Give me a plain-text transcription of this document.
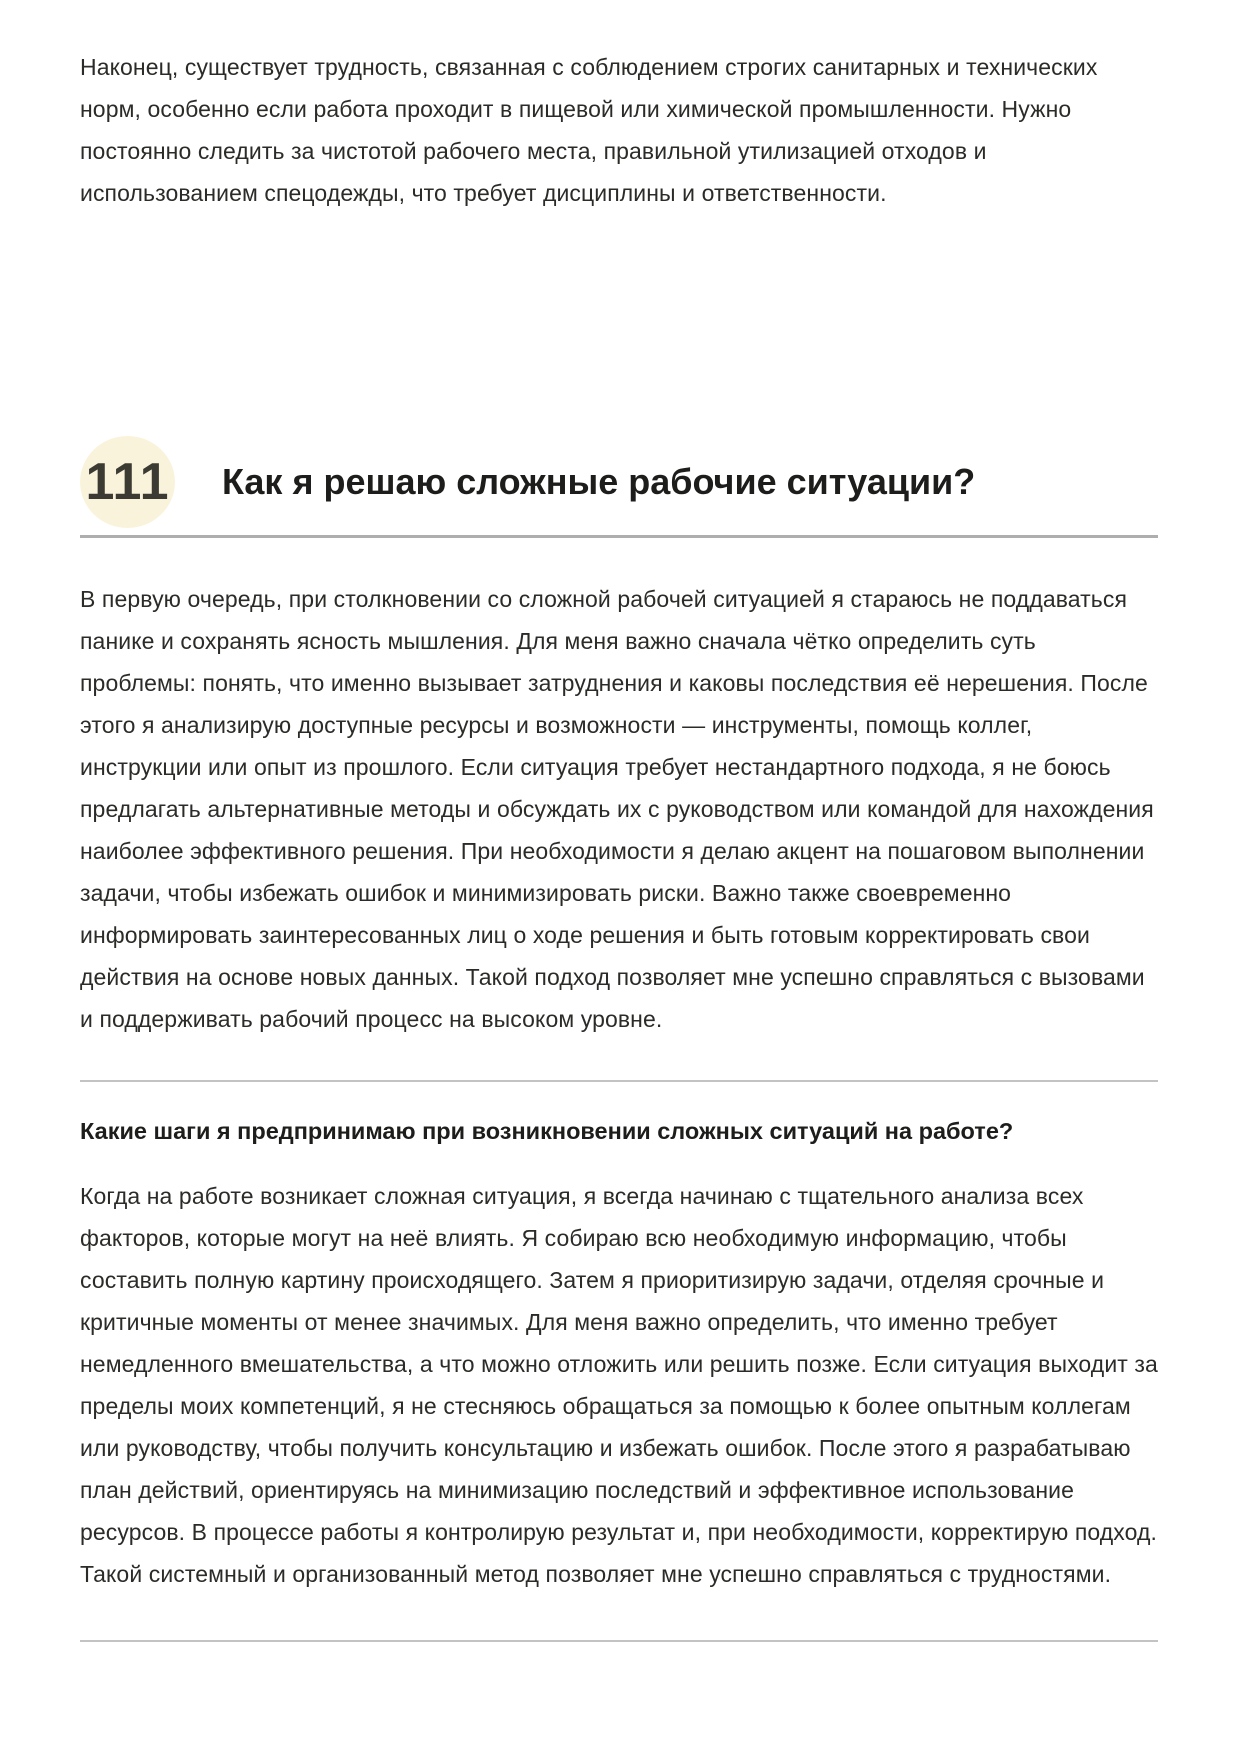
Наконец, существует трудность, связанная с соблюдением строгих санитарных и технических норм, особенно если работа проходит в пищевой или химической промышленности. Нужно постоянно следить за чистотой рабочего места, правильной утилизацией отходов и использованием спецодежды, что требует дисциплины и ответственности.

111 Как я решаю сложные рабочие ситуации?

В первую очередь, при столкновении со сложной рабочей ситуацией я стараюсь не поддаваться панике и сохранять ясность мышления. Для меня важно сначала чётко определить суть проблемы: понять, что именно вызывает затруднения и каковы последствия её нерешения. После этого я анализирую доступные ресурсы и возможности — инструменты, помощь коллег, инструкции или опыт из прошлого. Если ситуация требует нестандартного подхода, я не боюсь предлагать альтернативные методы и обсуждать их с руководством или командой для нахождения наиболее эффективного решения. При необходимости я делаю акцент на пошаговом выполнении задачи, чтобы избежать ошибок и минимизировать риски. Важно также своевременно информировать заинтересованных лиц о ходе решения и быть готовым корректировать свои действия на основе новых данных. Такой подход позволяет мне успешно справляться с вызовами и поддерживать рабочий процесс на высоком уровне.

Какие шаги я предпринимаю при возникновении сложных ситуаций на работе?

Когда на работе возникает сложная ситуация, я всегда начинаю с тщательного анализа всех факторов, которые могут на неё влиять. Я собираю всю необходимую информацию, чтобы составить полную картину происходящего. Затем я приоритизирую задачи, отделяя срочные и критичные моменты от менее значимых. Для меня важно определить, что именно требует немедленного вмешательства, а что можно отложить или решить позже. Если ситуация выходит за пределы моих компетенций, я не стесняюсь обращаться за помощью к более опытным коллегам или руководству, чтобы получить консультацию и избежать ошибок. После этого я разрабатываю план действий, ориентируясь на минимизацию последствий и эффективное использование ресурсов. В процессе работы я контролирую результат и, при необходимости, корректирую подход. Такой системный и организованный метод позволяет мне успешно справляться с трудностями.
